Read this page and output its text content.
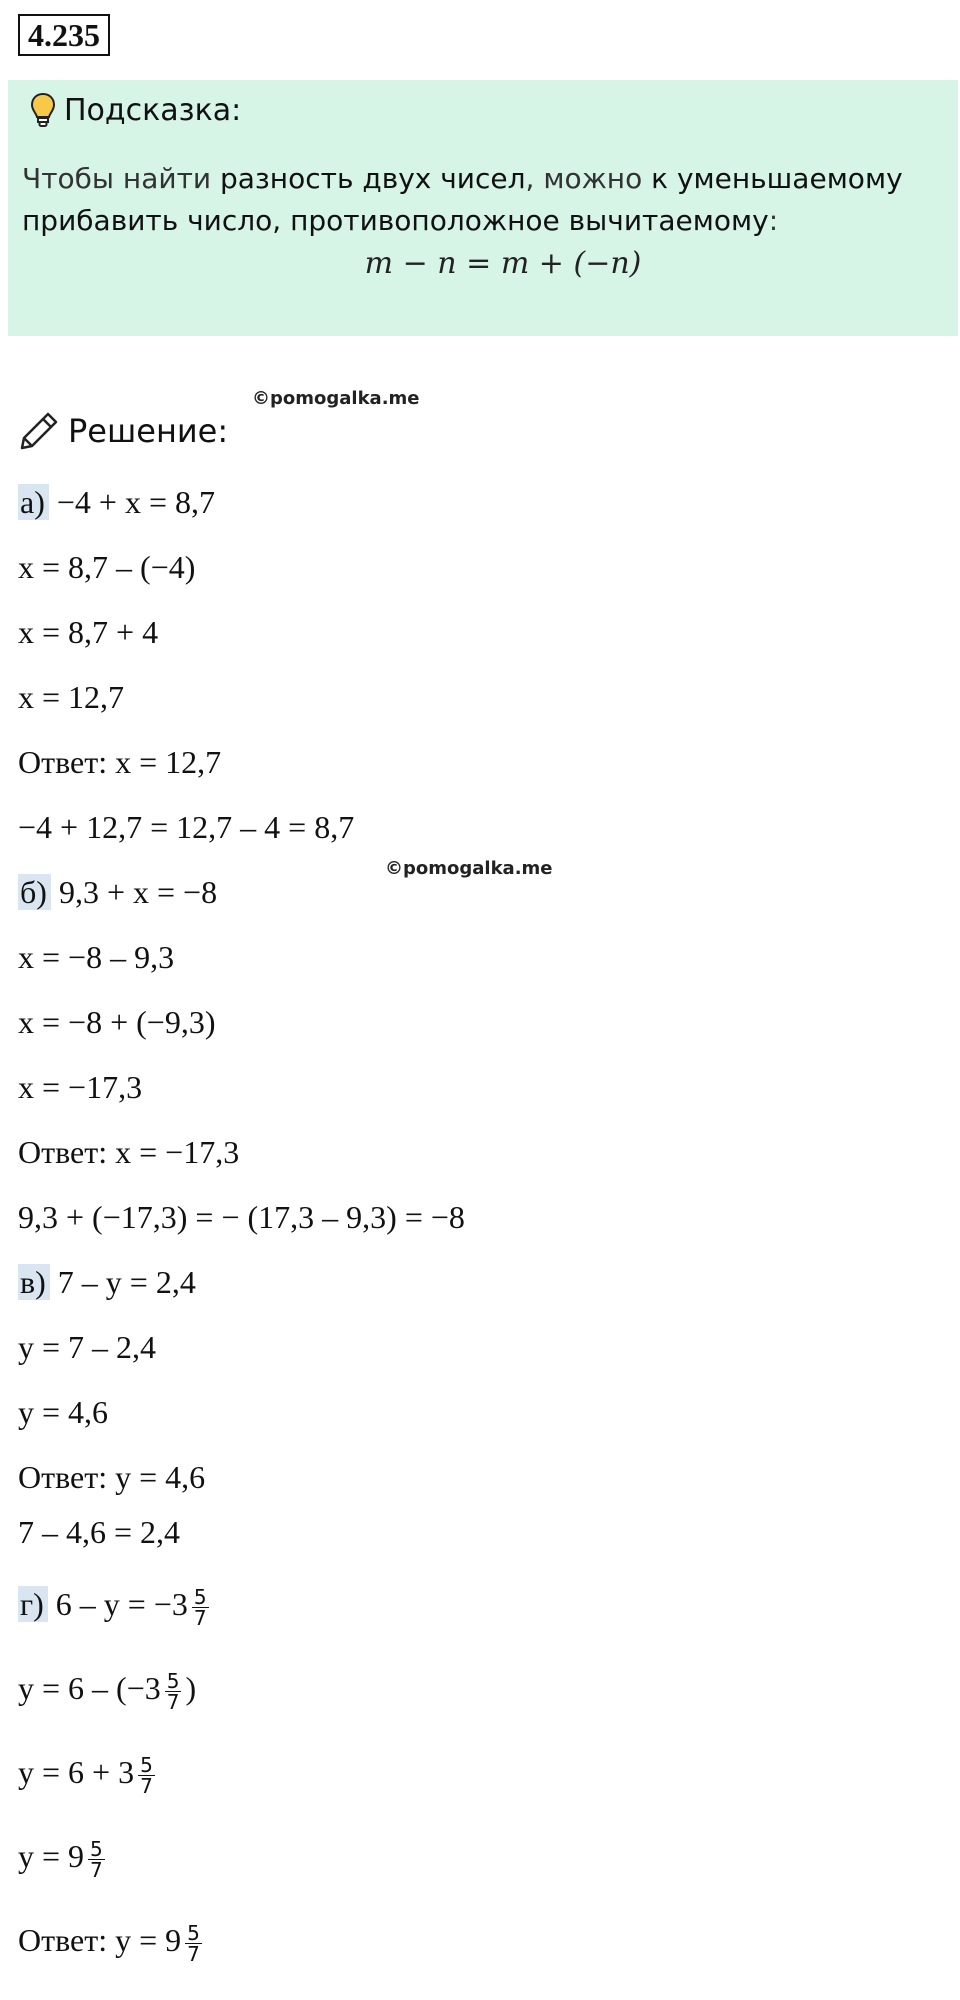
4.235
Подсказка:
Чтобы найти разность двух чисел, можно к уменьшаемому прибавить число, противоположное вычитаемому:
m − n = m + (−n)
©pomogalka.me
Решение:
а) −4 + x = 8,7
x = 8,7 – (−4)
x = 8,7 + 4
x = 12,7
Ответ: x = 12,7
−4 + 12,7 = 12,7 – 4 = 8,7
©pomogalka.me
б) 9,3 + x = −8
x = −8 – 9,3
x = −8 + (−9,3)
x = −17,3
Ответ: x = −17,3
9,3 + (−17,3) = − (17,3 – 9,3) = −8
в) 7 – y = 2,4
y = 7 – 2,4
y = 4,6
Ответ: y = 4,6
7 – 4,6 = 2,4
г) $6 - y = -3 \frac{5}{7}$
$y = 6 - (-3 \frac{5}{7}$ )
$y = 6 + 3 \frac{5}{7}$
$y = 9 \frac{5}{7}$
Ответ: $y = 9 \frac{5}{7}$
